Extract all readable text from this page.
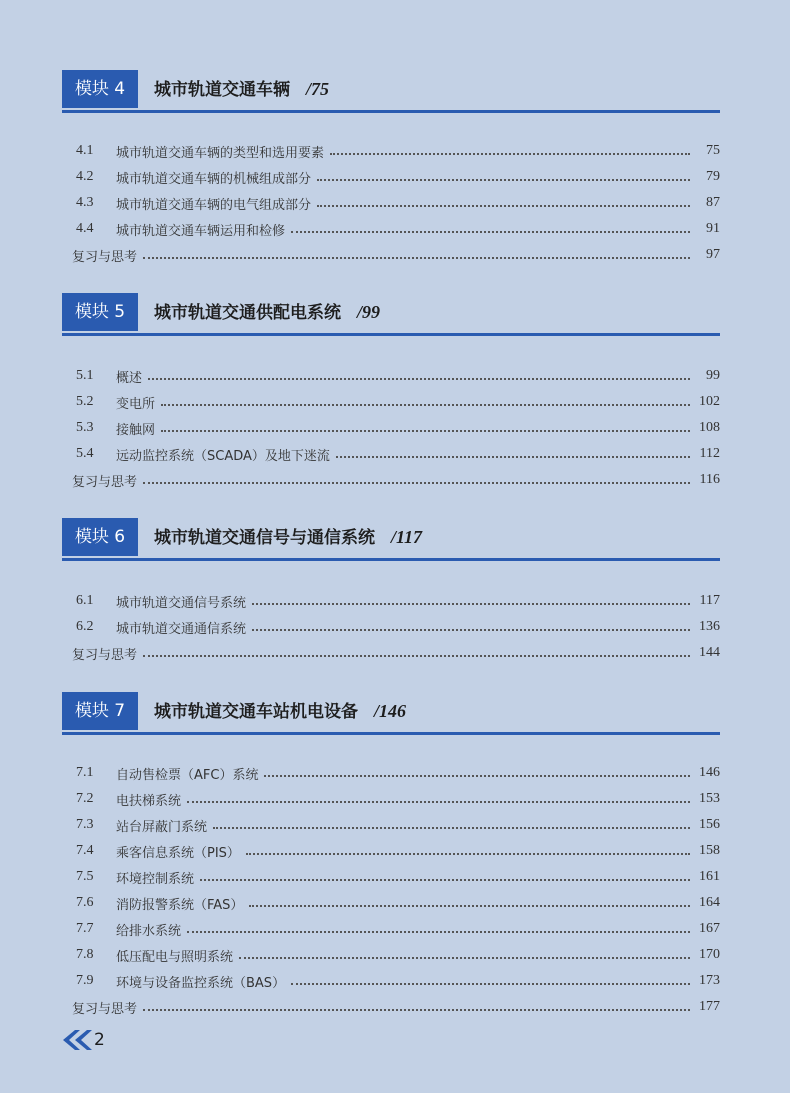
模块 4	城市轨道交通车辆 /75
4.1	城市轨道交通车辆的类型和选用要素	75
4.2	城市轨道交通车辆的机械组成部分	79
4.3	城市轨道交通车辆的电气组成部分	87
4.4	城市轨道交通车辆运用和检修	91
复习与思考	97
模块 5	城市轨道交通供配电系统 /99
5.1	概述	99
5.2	变电所	102
5.3	接触网	108
5.4	远动监控系统（SCADA）及地下迷流	112
复习与思考	116
模块 6	城市轨道交通信号与通信系统 /117
6.1	城市轨道交通信号系统	117
6.2	城市轨道交通通信系统	136
复习与思考	144
模块 7	城市轨道交通车站机电设备 /146
7.1	自动售检票（AFC）系统	146
7.2	电扶梯系统	153
7.3	站台屏蔽门系统	156
7.4	乘客信息系统（PIS）	158
7.5	环境控制系统	161
7.6	消防报警系统（FAS）	164
7.7	给排水系统	167
7.8	低压配电与照明系统	170
7.9	环境与设备监控系统（BAS）	173
复习与思考	177
2
